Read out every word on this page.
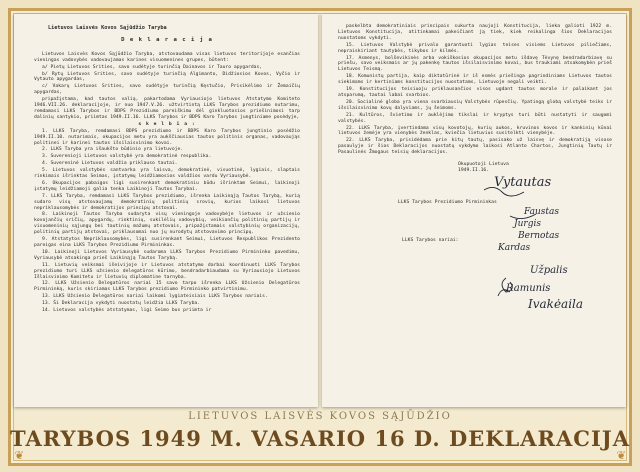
❦	❦
Lietuvos Laisvės Kovos Sąjūdžio Taryba
D e k l a r a c i j a
Lietuvos Laisvės Kovos Sąjūdžio Taryba, atstovaudama visas lietuvos teritorijoje esančias vieningas vadovybės vadovaujamas karines visuomenines grupes, būtent:
a/ Pietų Lietuvos Srities, savo sudėtyje turinčią Dainavos ir Tauro apygardas,
b/ Rytų Lietuvos Srities, savo sudėtyje turinčią Algimanto, Didžiosios Kovos, Vyčio ir Vytauto apygardas,
c/ Vakarų Lietuvos Srities, savo sudėtyje turinčią Kęstučio, Prisikėlimo ir Žemaičių apygardas,
pripažįstama, kad tautos valią, pakartodama Vyriausiojo lietuvos Atstatymo Komiteto 1946.VII.26. deklaracijoje, ir nuo 1947.V.26. užtvirtintą LLKS Tarybos prezidiumo nutarimu, remdamasi LLKS Tarybos ir BDPS Prezidiumo pareiškimu dėl ginkluotosios priešinimosi tarp dalinių santykio, priimtas 1949.II.16. LLKS Tarybos ir BDPS Karo Tarybos jungtiniame posėdyje,
s k e l b i a :
1. LLKS Taryba, remdamasi BDPS prezidiumo ir BDPS Karo Tarybos jungtinio posėdžio 1949.II.10. nutarimais, okupacijos metu yra aukščiausias tautos politinis organas, vadovaująs politinei ir karinei tautos išsilaisvinimo kovai.
2. LLKS Taryba yra išaukšto būdinio yra lietuvoje.
3. Suverenioji Lietuvos valstybė yra demokratinė respublika.
4. Suvereninė Lietuvos valdžia priklauso tautai.
5. Lietuvos valstybės santvarka yra laisva, demokratinė, visuotinė, lygiais, slaptais rinkimais išrinktas Seimas, įstatymų leidžiamosios valdžios vardu Vyriausybė.
6. Okupacijos pabaigos ligi susirenkant demokratiniu būdu išrinktam Seimui, laikinoji įstatymų leidžiamoji galia tenka Laikinoji Tautos Tarybai.
7. LLKS Taryba, remdamasi LLKS Tarybos prezidiumo, išrenka Laikinąją Tautos Tarybą, kurią sudaro visų atstovaujamų demokratinių politinių srovių, kurios laikosi lietuvos nepriklausomybės ir demokratijos principų atstovai.
8. Laikinoji Tautos Taryba sudaryta visų vieningoje vadovybėje lietuvos ir užsienio kovojančių sričių, apygardų, rinktinių, sukilėlių vadovybių, veikiančių politinių partijų ir visuomeninių sąjungų bei tautinių mažumų atstovais, pripažįstamais valstybinių organizacijų, politinių partijų atstovai, priklausomai nuo jų nurodytų atstovavimo principų.
9. Atstatytos Nepriklausomybės, ligi susirenkant Seimui, Lietuvos Respublikos Prezidento pareigas eina LLKS Tarybos Prezidiumo Pirmininkas.
10. Laikinoji Lietuvos Vyriausybė sudaroma LLKS Tarybos Prezidiumo Pirmininko pavedimu, Vyriausybė atsakinga prieš Laikinąją Tautos Tarybą.
11. Lietuvių veiksmai išeivijoje ir Lietuvos atstatymo darbai koordinuoti LLKS Tarybos prezidiumo turi LLKS užsienio delegatūros kūrimo, bendradarbiaudama su Vyriausiojo Lietuvos Išlaisvinimo Komitetu ir lietuvių diplomatine tarnyba.
12. LLKS Užsienio Delegatūros nariai 15 savo tarpo išrenka LLKS Užsienio Delegatūros Pirmininką, kuris skiriamas LLKS Tarybos prezidiumo Pirmininko patvirtinimu.
13. LLKS Užsienio Delegatūros nariai laikomi lygiateisiais LLKS Tarybos nariais.
13. Ši Deklaracija vykdyti nuostatų leidžia LLKS Taryba.
14. Lietuvos valstybės atstatymas, ligi Seimo bus priimta ir
paskelbta demokratiniais principais sukurta naujoji Konstitucija, lieka galioti 1922 m. Lietuvos Konstitucija, atitinkamai pakeičiant ją tiek, kiek reikalinga šios Deklaracijos nuostatoms vykdyti.
15. Lietuvos Valstybė privalo garantuoti lygias teises visiems Lietuvos piliečiams, nepraiskiriant tautybės, tikybos ir kilmės.
17. Asmenys, bolševikinės arba vokiškosios okupacijos metu išdavę Tėvynę bendradarbiavę su priešu, savo veiksmais ar jų pakenkę tautos išsilaisvinimo kovai, bus traukiami atsakomybėn prieš Lietuvos Teismą.
18. Komunistų partija, kaip diktatūrinė ir iš esmės priešinga pagrindiniams Lietuvos tautos siekimams ir kertiniams konstitucijos nuostatams, Lietuvoje negali veikti.
19. Konstitucijos teisiuoju priklausančios visos ugdant tautos morale ir palaikant jos atsparumą, tautai labai svarbios.
20. Socialinė globa yra viena svarbiausių Valstybės rūpesčių. Ypatingą globą valstybė teiks ir išsilaisvinimo kovų dalyviams, jų šeimoms.
21. Kultūros, švietimo ir auklėjimo tikslai ir kryptys turi būti nustatyti ir saugomi valstybės.
22. LLKS Taryba, įvertindama visų kovotojų, kurių aukos, kruvinos kovos ir kankinių kūnai lietuvos žemėje yra vienybės ženklas, kviečia lietuvius susitelkti vienybėje.
22. LLKS Taryba, prisidėdama prie kitų tautų, pasisako už laisvę ir demokratiją visose pasaulyje ir šios Deklaracijos nuostatų vykdymo laikosi Atlanto Chartos, Jungtinių Tautų ir Pasaulinės Žmogaus teisių deklaracijos.
Okupuotoji Lietuva
1949.II.16.
Vytautas
LLKS Tarybos Prezidiumo Pirmininkas
Faustas
Jurgis
LLKS Tarybos nariai:	Bernotas
Kardas
Užpalis
Ramunis
Ivakėaila
LIETUVOS LAISVĖS KOVOS SĄJŪDŽIO
TARYBOS 1949 M. VASARIO 16 D. DEKLARACIJA
